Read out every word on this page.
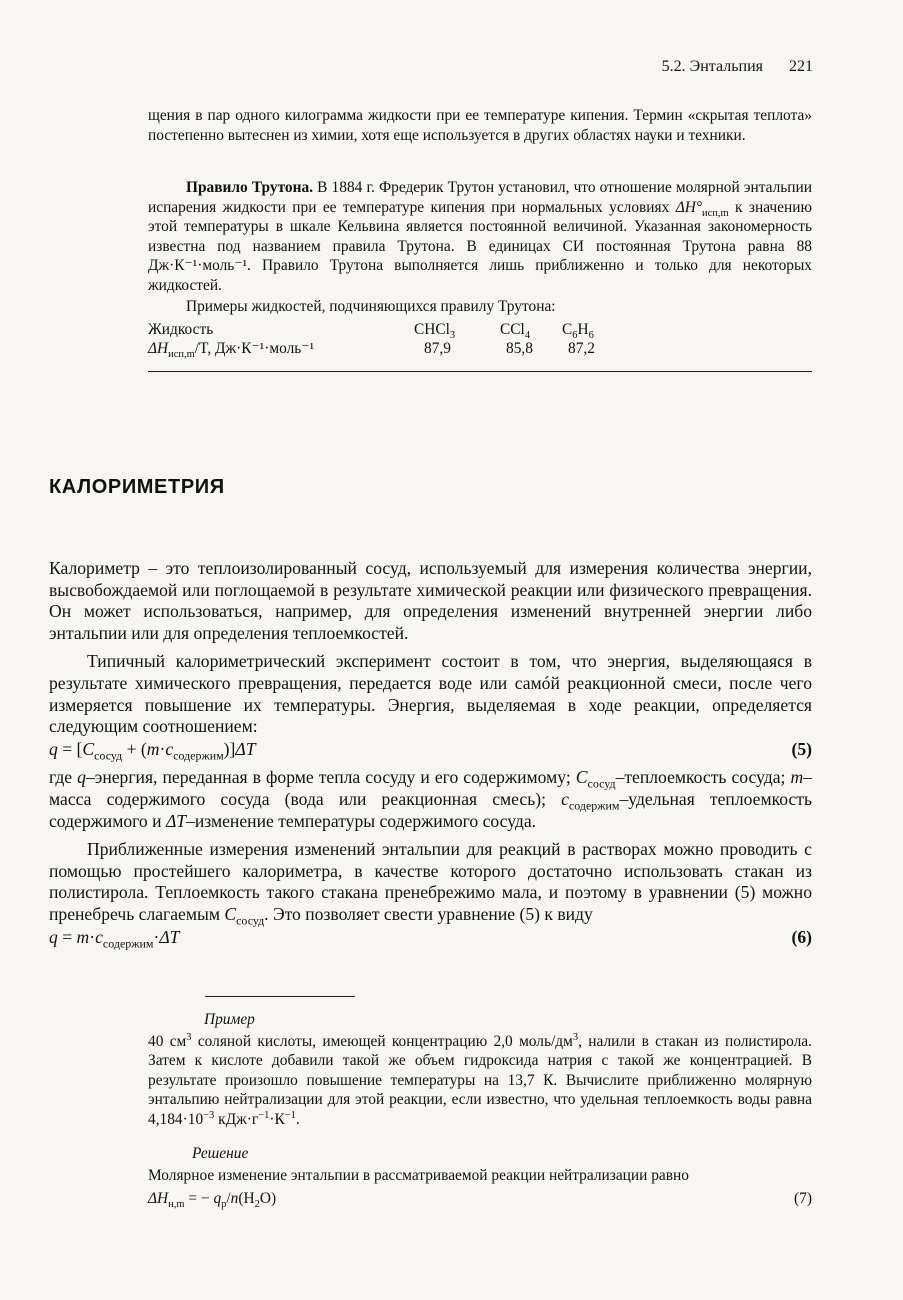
5.2. Энтальпия 221

щения в пар одного килограмма жидкости при ее температуре кипения. Термин «скрытая теплота» постепенно вытеснен из химии, хотя еще используется в других областях науки и техники.

Правило Трутона. В 1884 г. Фредерик Трутон установил, что отношение молярной энтальпии испарения жидкости при ее температуре кипения при нормальных условиях $\Delta H^\circ_{исп,m}$ к значению этой температуры в шкале Кельвина является постоянной величиной. Указанная закономерность известна под названием правила Трутона. В единицах СИ постоянная Трутона равна 88 Дж·К⁻¹·моль⁻¹. Правило Трутона выполняется лишь приближенно и только для некоторых жидкостей.

Примеры жидкостей, подчиняющихся правилу Трутона:

Жидкость	CHCl$_3$	CCl$_4$	$C_6H_6$
$\Delta H_{исп,m}/T$, Дж·К⁻¹·моль⁻¹	87,9	85,8	87,2
КАЛОРИМЕТРИЯ

Калориметр – это теплоизолированный сосуд, используемый для измерения количества энергии, высвобождаемой или поглощаемой в результате химической реакции или физического превращения. Он может использоваться, например, для определения изменений внутренней энергии либо энтальпии или для определения теплоемкостей.

Типичный калориметрический эксперимент состоит в том, что энергия, выделяющаяся в результате химического превращения, передается воде или самóй реакционной смеси, после чего измеряется повышение их температуры. Энергия, выделяемая в ходе реакции, определяется следующим соотношением:

$q = [C_{сосуд} + (m\cdot c_{содержим})]\Delta T$	(5)

где q–энергия, переданная в форме тепла сосуду и его содержимому; $C_{сосуд}$–теплоемкость сосуда; m–масса содержимого сосуда (вода или реакционная смесь); $c_{содержим}$–удельная теплоемкость содержимого и ΔT–изменение температуры содержимого сосуда.

Приближенные измерения изменений энтальпии для реакций в растворах можно проводить с помощью простейшего калориметра, в качестве которого достаточно использовать стакан из полистирола. Теплоемкость такого стакана пренебрежимо мала, и поэтому в уравнении (5) можно пренебречь слагаемым $C_{сосуд}$. Это позволяет свести уравнение (5) к виду

$q = m\cdot c_{содержим}\cdot\Delta T$	(6)

Пример

40 $см^3$ соляной кислоты, имеющей концентрацию 2,0 моль/$дм^3$, налили в стакан из полистирола. Затем к кислоте добавили такой же объем гидроксида натрия с такой же концентрацией. В результате произошло повышение температуры на 13,7 К. Вычислите приближенно молярную энтальпию нейтрализации для этой реакции, если известно, что удельная теплоемкость воды равна $4,184\cdot 10^{-3}$ $кДж\cdot г^{-1}\cdot К^{-1}$.

Решение

Молярное изменение энтальпии в рассматриваемой реакции нейтрализации равно

$\Delta H_{н,m}$ = − $q_p/n(H_2O)$	(7)
